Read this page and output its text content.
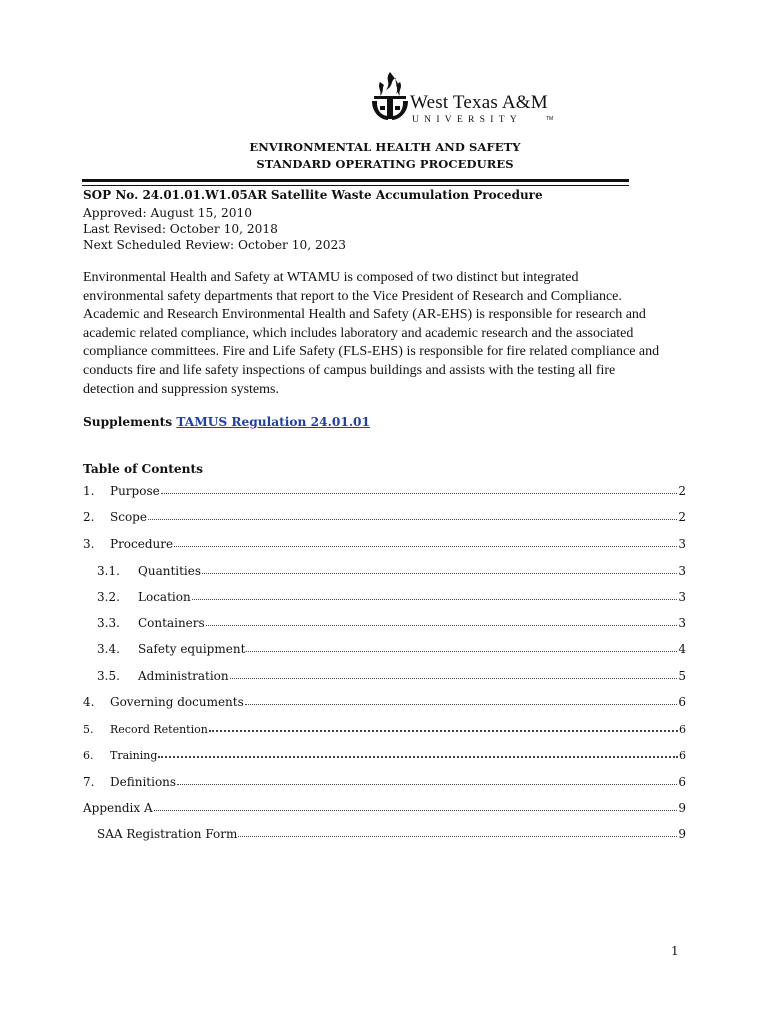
West Texas A&M
UNIVERSITY	TM
ENVIRONMENTAL HEALTH AND SAFETY
STANDARD OPERATING PROCEDURES
SOP No. 24.01.01.W1.05AR Satellite Waste Accumulation Procedure
Approved: August 15, 2010
Last Revised: October 10, 2018
Next Scheduled Review: October 10, 2023
Environmental Health and Safety at WTAMU is composed of two distinct but integrated
environmental safety departments that report to the Vice President of Research and Compliance.
Academic and Research Environmental Health and Safety (AR-EHS) is responsible for research and
academic related compliance, which includes laboratory and academic research and the associated
compliance committees. Fire and Life Safety (FLS-EHS) is responsible for fire related compliance and
conducts fire and life safety inspections of campus buildings and assists with the testing all fire
detection and suppression systems.
Supplements TAMUS Regulation 24.01.01
Table of Contents
1.	Purpose	2
2.	Scope	2
3.	Procedure	3
3.1.	Quantities	3
3.2.	Location	3
3.3.	Containers	3
3.4.	Safety equipment	4
3.5.	Administration	5
4.	Governing documents	6
5.	Record Retention	6
6.	Training	6
7.	Definitions	6
Appendix A	9
SAA Registration Form	9
1
